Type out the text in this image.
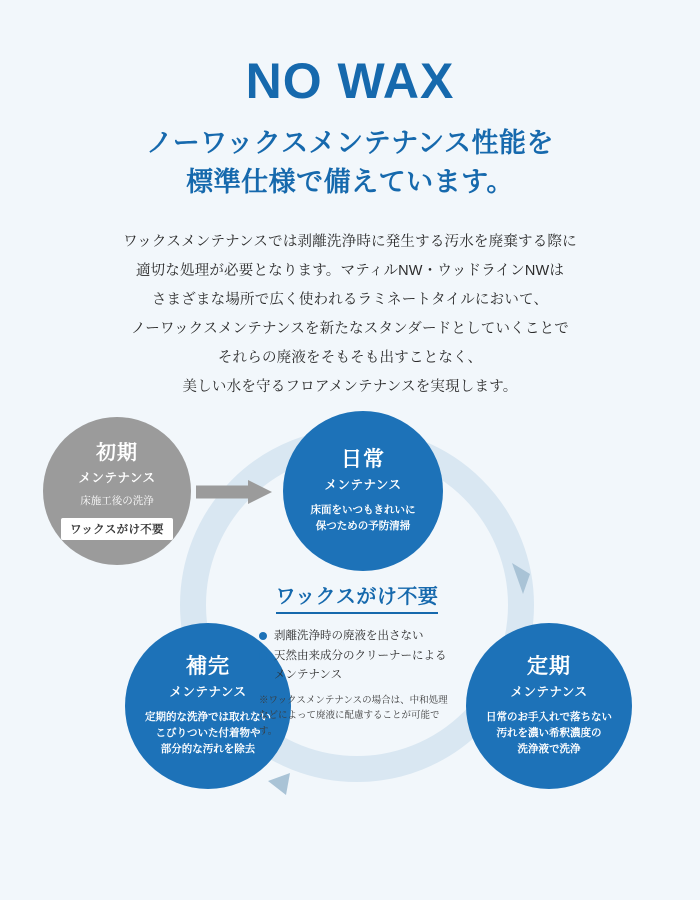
NO WAX
ノーワックスメンテナンス性能を
標準仕様で備えています。
ワックスメンテナンスでは剥離洗浄時に発生する汚水を廃棄する際に
適切な処理が必要となります。マティルNW・ウッドラインNWは
さまざまな場所で広く使われるラミネートタイルにおいて、
ノーワックスメンテナンスを新たなスタンダードとしていくことで
それらの廃液をそもそも出すことなく、
美しい水を守るフロアメンテナンスを実現します。
初期
メンテナンス
床施工後の洗浄
ワックスがけ不要
日常
メンテナンス
床面をいつもきれいに
保つための予防清掃
定期
メンテナンス
日常のお手入れで落ちない
汚れを濃い希釈濃度の
洗浄液で洗浄
補完
メンテナンス
定期的な洗浄では取れない
こびりついた付着物や
部分的な汚れを除去
ワックスがけ不要
剥離洗浄時の廃液を出さない
天然由来成分のクリーナーによるメンテナンス
※ワックスメンテナンスの場合は、中和処理などによって廃液に配慮することが可能です。
